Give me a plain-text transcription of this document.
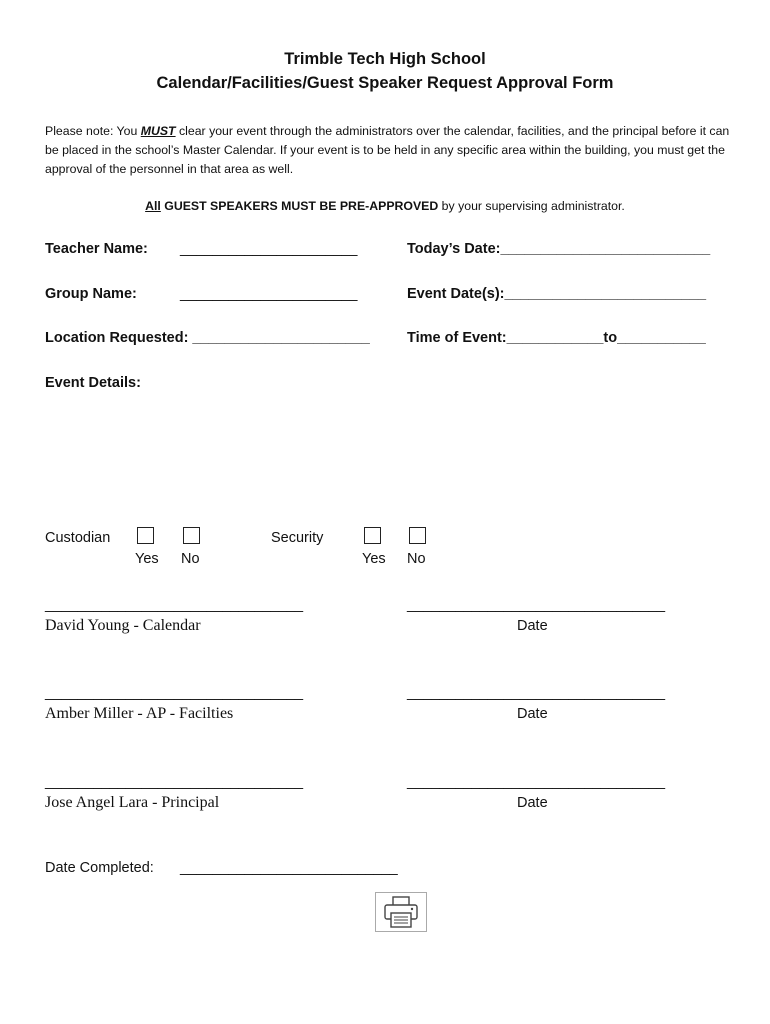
Trimble Tech High School
Calendar/Facilities/Guest Speaker Request Approval Form
Please note: You MUST clear your event through the administrators over the calendar, facilities, and the principal before it can be placed in the school’s Master Calendar. If your event is to be held in any specific area within the building, you must get the approval of the personnel in that area as well.
All GUEST SPEAKERS MUST BE PRE-APPROVED by your supervising administrator.
Teacher Name: ______________________	Today’s Date:__________________________
Group Name:	______________________	Event Date(s):_________________________
Location Requested: ______________________	Time of Event:____________to___________
Event Details:
Custodian
Yes No
Security
Yes No
________________________________	________________________________
David Young - Calendar	Date
________________________________	________________________________
Amber Miller - AP - Facilties	Date
________________________________	________________________________
Jose Angel Lara - Principal	Date
Date Completed: ___________________________
